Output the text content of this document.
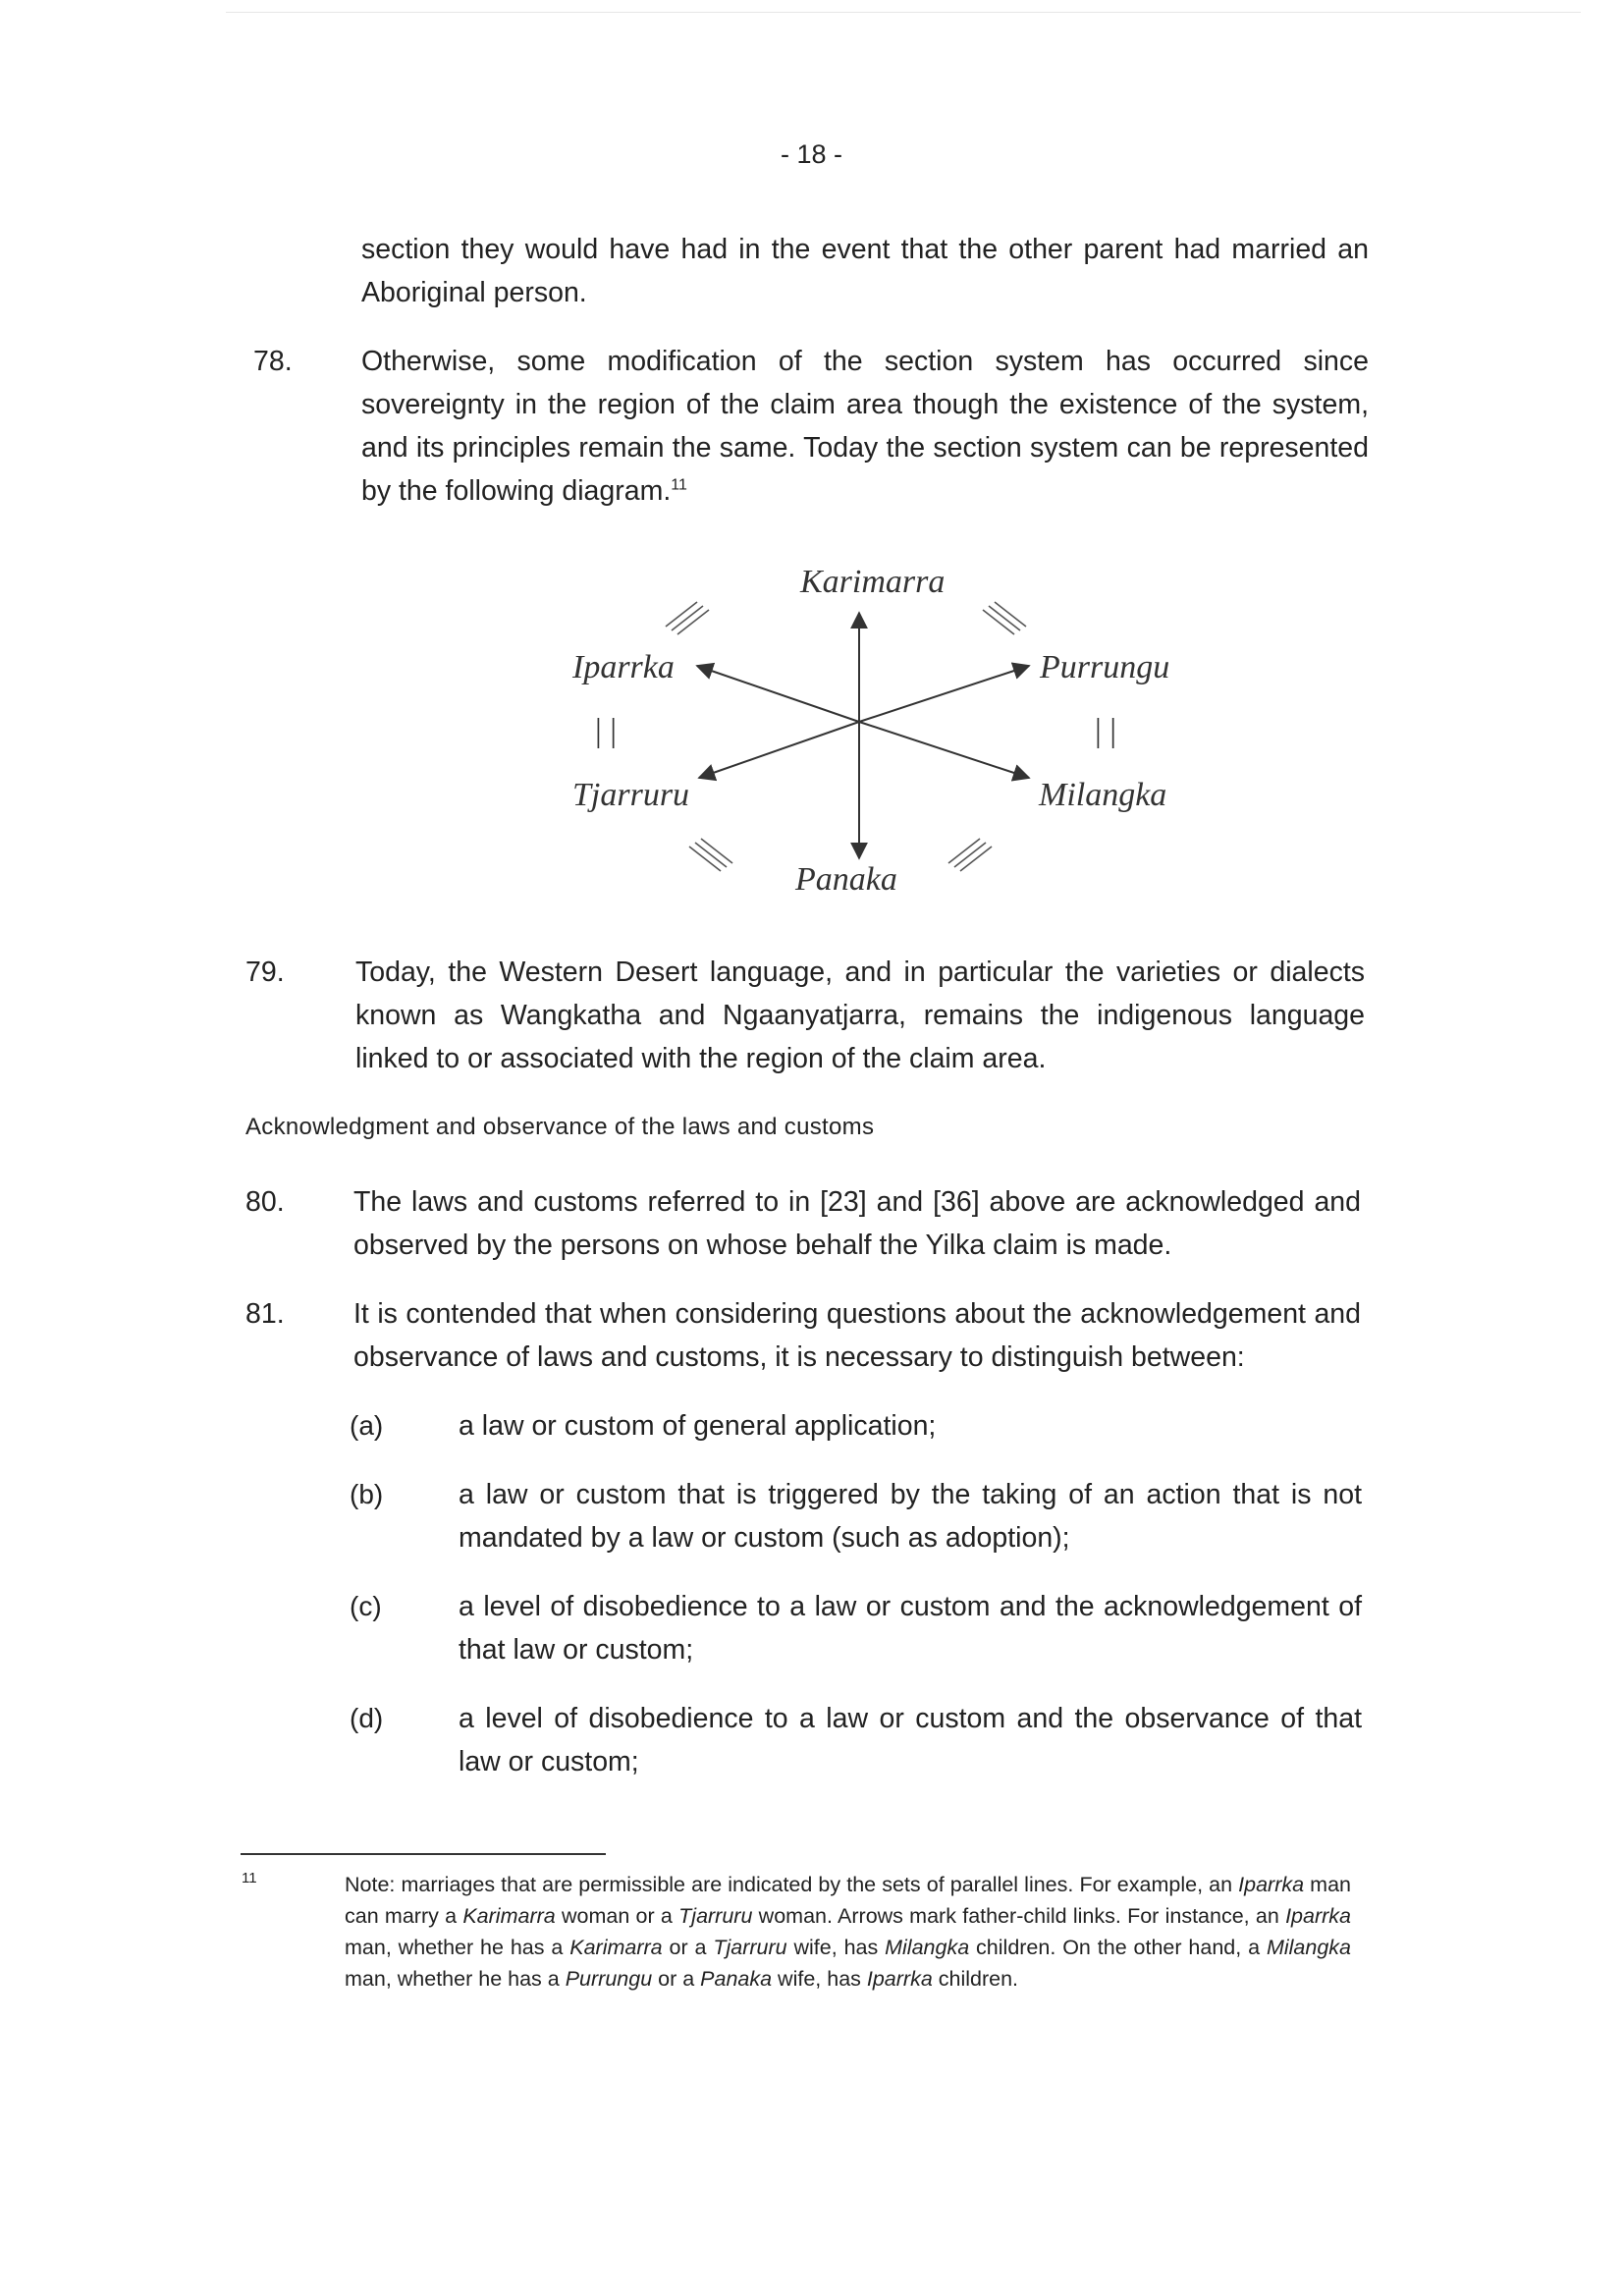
- 18 -
section they would have had in the event that the other parent had married an Aboriginal person.
78. Otherwise, some modification of the section system has occurred since sovereignty in the region of the claim area though the existence of the system, and its principles remain the same. Today the section system can be represented by the following diagram.$^{11}$
Karimarra
Iparrka	Purrungu
Tjarruru	Milangka
Panaka
| |	| |
79.	Today, the Western Desert language, and in particular the varieties or dialects known as Wangkatha and Ngaanyatjarra, remains the indigenous language linked to or associated with the region of the claim area.
Acknowledgment and observance of the laws and customs
80. The laws and customs referred to in [23] and [36] above are acknowledged and observed by the persons on whose behalf the Yilka claim is made.
81. It is contended that when considering questions about the acknowledgement and observance of laws and customs, it is necessary to distinguish between:
(a)	a law or custom of general application;
(b)	a law or custom that is triggered by the taking of an action that is not mandated by a law or custom (such as adoption);
(c)	a level of disobedience to a law or custom and the acknowledgement of that law or custom;
(d)	a level of disobedience to a law or custom and the observance of that law or custom;
11	Note: marriages that are permissible are indicated by the sets of parallel lines. For example, an Iparrka man can marry a Karimarra woman or a Tjarruru woman. Arrows mark father-child links. For instance, an Iparrka man, whether he has a Karimarra or a Tjarruru wife, has Milangka children. On the other hand, a Milangka man, whether he has a Purrungu or a Panaka wife, has Iparrka children.
